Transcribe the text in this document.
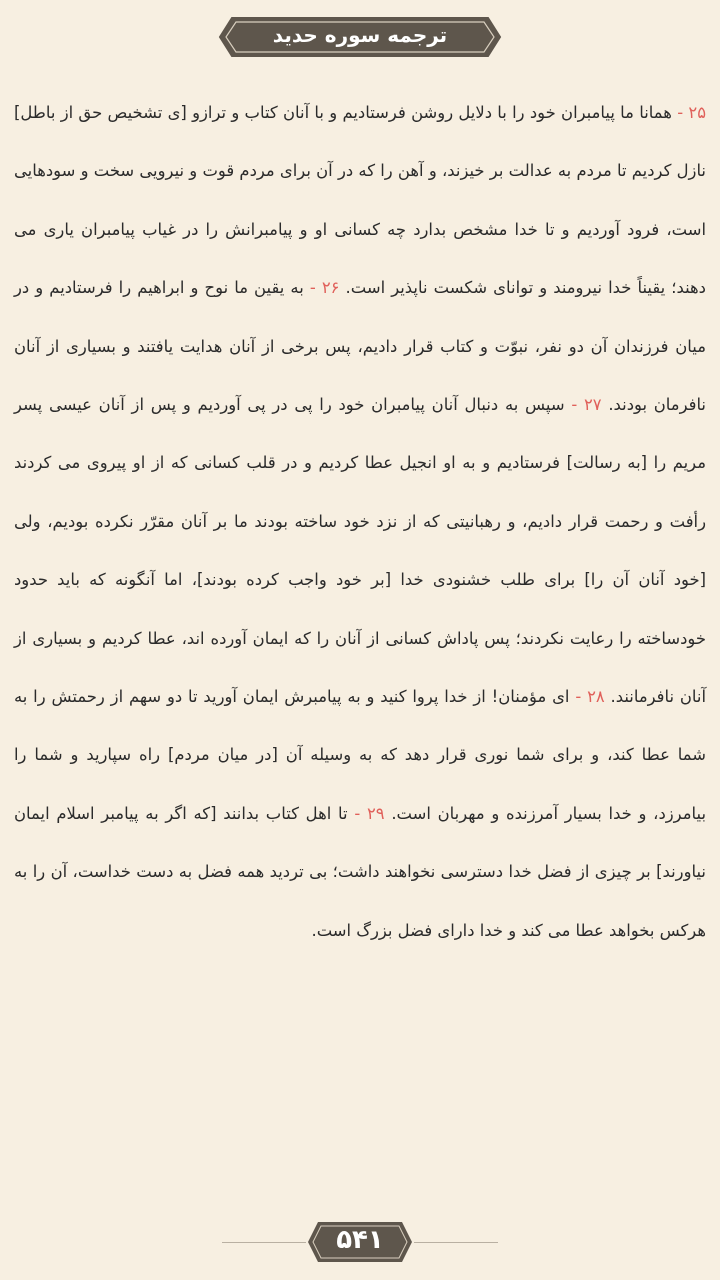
ترجمه سوره حدید
۲۵ - همانا ما پیامبران خود را با دلایل روشن فرستادیم و با آنان کتاب و ترازو [ی تشخیص حق از باطل] نازل کردیم تا مردم به عدالت بر خیزند، و آهن را که در آن برای مردم قوت و نیرویی سخت و سودهایی است، فرود آوردیم و تا خدا مشخص بدارد چه کسانی او و پیامبرانش را در غیاب پیامبران یاری می دهند؛ یقیناً خدا نیرومند و توانای شکست ناپذیر است. ۲۶ - به یقین ما نوح و ابراهیم را فرستادیم و در میان فرزندان آن دو نفر، نبوّت و کتاب قرار دادیم، پس برخی از آنان هدایت یافتند و بسیاری از آنان نافرمان بودند. ۲۷ - سپس به دنبال آنان پیامبران خود را پی در پی آوردیم و پس از آنان عیسی پسر مریم را [به رسالت] فرستادیم و به او انجیل عطا کردیم و در قلب کسانی که از او پیروی می کردند رأفت و رحمت قرار دادیم، و رهبانیتی که از نزد خود ساخته بودند ما بر آنان مقرّر نکرده بودیم، ولی [خود آنان آن را] برای طلب خشنودی خدا [بر خود واجب کرده بودند]، اما آنگونه که باید حدود خودساخته را رعایت نکردند؛ پس پاداش کسانی از آنان را که ایمان آورده اند، عطا کردیم و بسیاری از آنان نافرمانند. ۲۸ - ای مؤمنان! از خدا پروا کنید و به پیامبرش ایمان آورید تا دو سهم از رحمتش را به شما عطا کند، و برای شما نوری قرار دهد که به وسیله آن [در میان مردم] راه سپارید و شما را بیامرزد، و خدا بسیار آمرزنده و مهربان است. ۲۹ - تا اهل کتاب بدانند [که اگر به پیامبر اسلام ایمان نیاورند] بر چیزی از فضل خدا دسترسی نخواهند داشت؛ بی تردید همه فضل به دست خداست، آن را به هرکس بخواهد عطا می کند و خدا دارای فضل بزرگ است.
۵۴۱
